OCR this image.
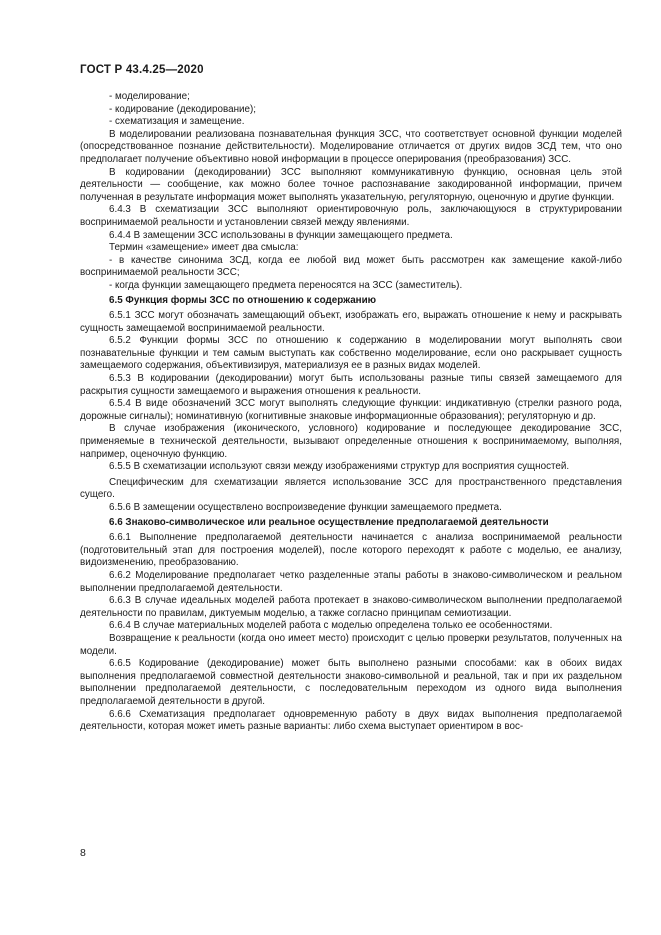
ГОСТ Р 43.4.25—2020

- моделирование;

- кодирование (декодирование);

- схематизация и замещение.

В моделировании реализована познавательная функция ЗСС, что соответствует основной функции моделей (опосредствованное познание действительности). Моделирование отличается от других видов ЗСД тем, что оно предполагает получение объективно новой информации в процессе оперирования (преобразования) ЗСС.

В кодировании (декодировании) ЗСС выполняют коммуникативную функцию, основная цель этой деятельности — сообщение, как можно более точное распознавание закодированной информации, причем полученная в результате информация может выполнять указательную, регуляторную, оценочную и другие функции.

6.4.3 В схематизации ЗСС выполняют ориентировочную роль, заключающуюся в структурировании воспринимаемой реальности и установлении связей между явлениями.

6.4.4 В замещении ЗСС использованы в функции замещающего предмета.

Термин «замещение» имеет два смысла:

- в качестве синонима ЗСД, когда ее любой вид может быть рассмотрен как замещение какой-либо воспринимаемой реальности ЗСС;

- когда функции замещающего предмета переносятся на ЗСС (заместитель).

6.5 Функция формы ЗСС по отношению к содержанию

6.5.1 ЗСС могут обозначать замещающий объект, изображать его, выражать отношение к нему и раскрывать сущность замещаемой воспринимаемой реальности.

6.5.2 Функции формы ЗСС по отношению к содержанию в моделировании могут выполнять свои познавательные функции и тем самым выступать как собственно моделирование, если оно раскрывает сущность замещаемого содержания, объективизируя, материализуя ее в разных видах моделей.

6.5.3 В кодировании (декодировании) могут быть использованы разные типы связей замещаемого для раскрытия сущности замещаемого и выражения отношения к реальности.

6.5.4 В виде обозначений ЗСС могут выполнять следующие функции: индикативную (стрелки разного рода, дорожные сигналы); номинативную (когнитивные знаковые информационные образования); регуляторную и др.

В случае изображения (иконического, условного) кодирование и последующее декодирование ЗСС, применяемые в технической деятельности, вызывают определенные отношения к воспринимаемому, выполняя, например, оценочную функцию.

6.5.5 В схематизации используют связи между изображениями структур для восприятия сущностей.

Специфическим для схематизации является использование ЗСС для пространственного представления сущего.

6.5.6 В замещении осуществлено воспроизведение функции замещаемого предмета.

6.6 Знаково-символическое или реальное осуществление предполагаемой деятельности

6.6.1 Выполнение предполагаемой деятельности начинается с анализа воспринимаемой реальности (подготовительный этап для построения моделей), после которого переходят к работе с моделью, ее анализу, видоизменению, преобразованию.

6.6.2 Моделирование предполагает четко разделенные этапы работы в знаково-символическом и реальном выполнении предполагаемой деятельности.

6.6.3 В случае идеальных моделей работа протекает в знаково-символическом выполнении предполагаемой деятельности по правилам, диктуемым моделью, а также согласно принципам семиотизации.

6.6.4 В случае материальных моделей работа с моделью определена только ее особенностями.

Возвращение к реальности (когда оно имеет место) происходит с целью проверки результатов, полученных на модели.

6.6.5 Кодирование (декодирование) может быть выполнено разными способами: как в обоих видах выполнения предполагаемой совместной деятельности знаково-символьной и реальной, так и при их раздельном выполнении предполагаемой деятельности, с последовательным переходом из одного вида выполнения предполагаемой деятельности в другой.

6.6.6 Схематизация предполагает одновременную работу в двух видах выполнения предполагаемой деятельности, которая может иметь разные варианты: либо схема выступает ориентиром в вос-

8
